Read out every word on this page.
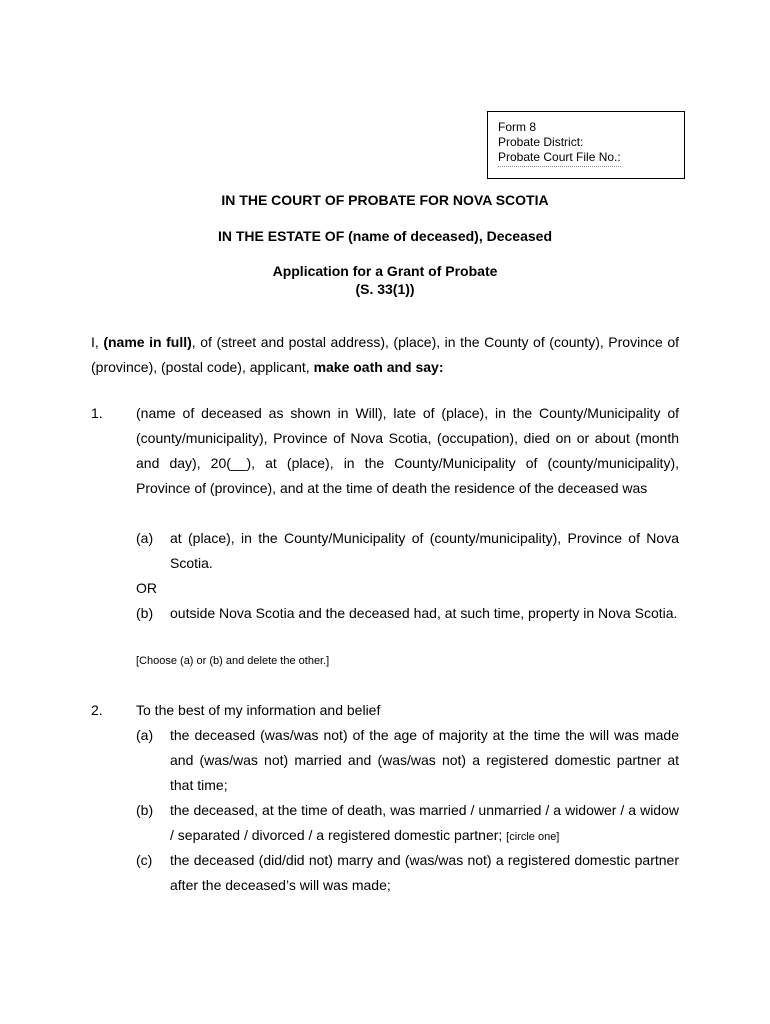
Form 8
Probate District:
Probate Court File No.:
IN THE COURT OF PROBATE FOR NOVA SCOTIA
IN THE ESTATE OF (name of deceased), Deceased
Application for a Grant of Probate
(S. 33(1))
I, (name in full), of (street and postal address), (place), in the County of (county), Province of (province), (postal code), applicant, make oath and say:
1. (name of deceased as shown in Will), late of (place), in the County/Municipality of (county/municipality), Province of Nova Scotia, (occupation), died on or about (month and day), 20(__), at (place), in the County/Municipality of (county/municipality), Province of (province), and at the time of death the residence of the deceased was
(a) at (place), in the County/Municipality of (county/municipality), Province of Nova Scotia.
OR
(b) outside Nova Scotia and the deceased had, at such time, property in Nova Scotia.
[Choose (a) or (b) and delete the other.]
2. To the best of my information and belief
(a) the deceased (was/was not) of the age of majority at the time the will was made and (was/was not) married and (was/was not) a registered domestic partner at that time;
(b) the deceased, at the time of death, was married / unmarried / a widower / a widow / separated / divorced / a registered domestic partner; [circle one]
(c) the deceased (did/did not) marry and (was/was not) a registered domestic partner after the deceased’s will was made;
